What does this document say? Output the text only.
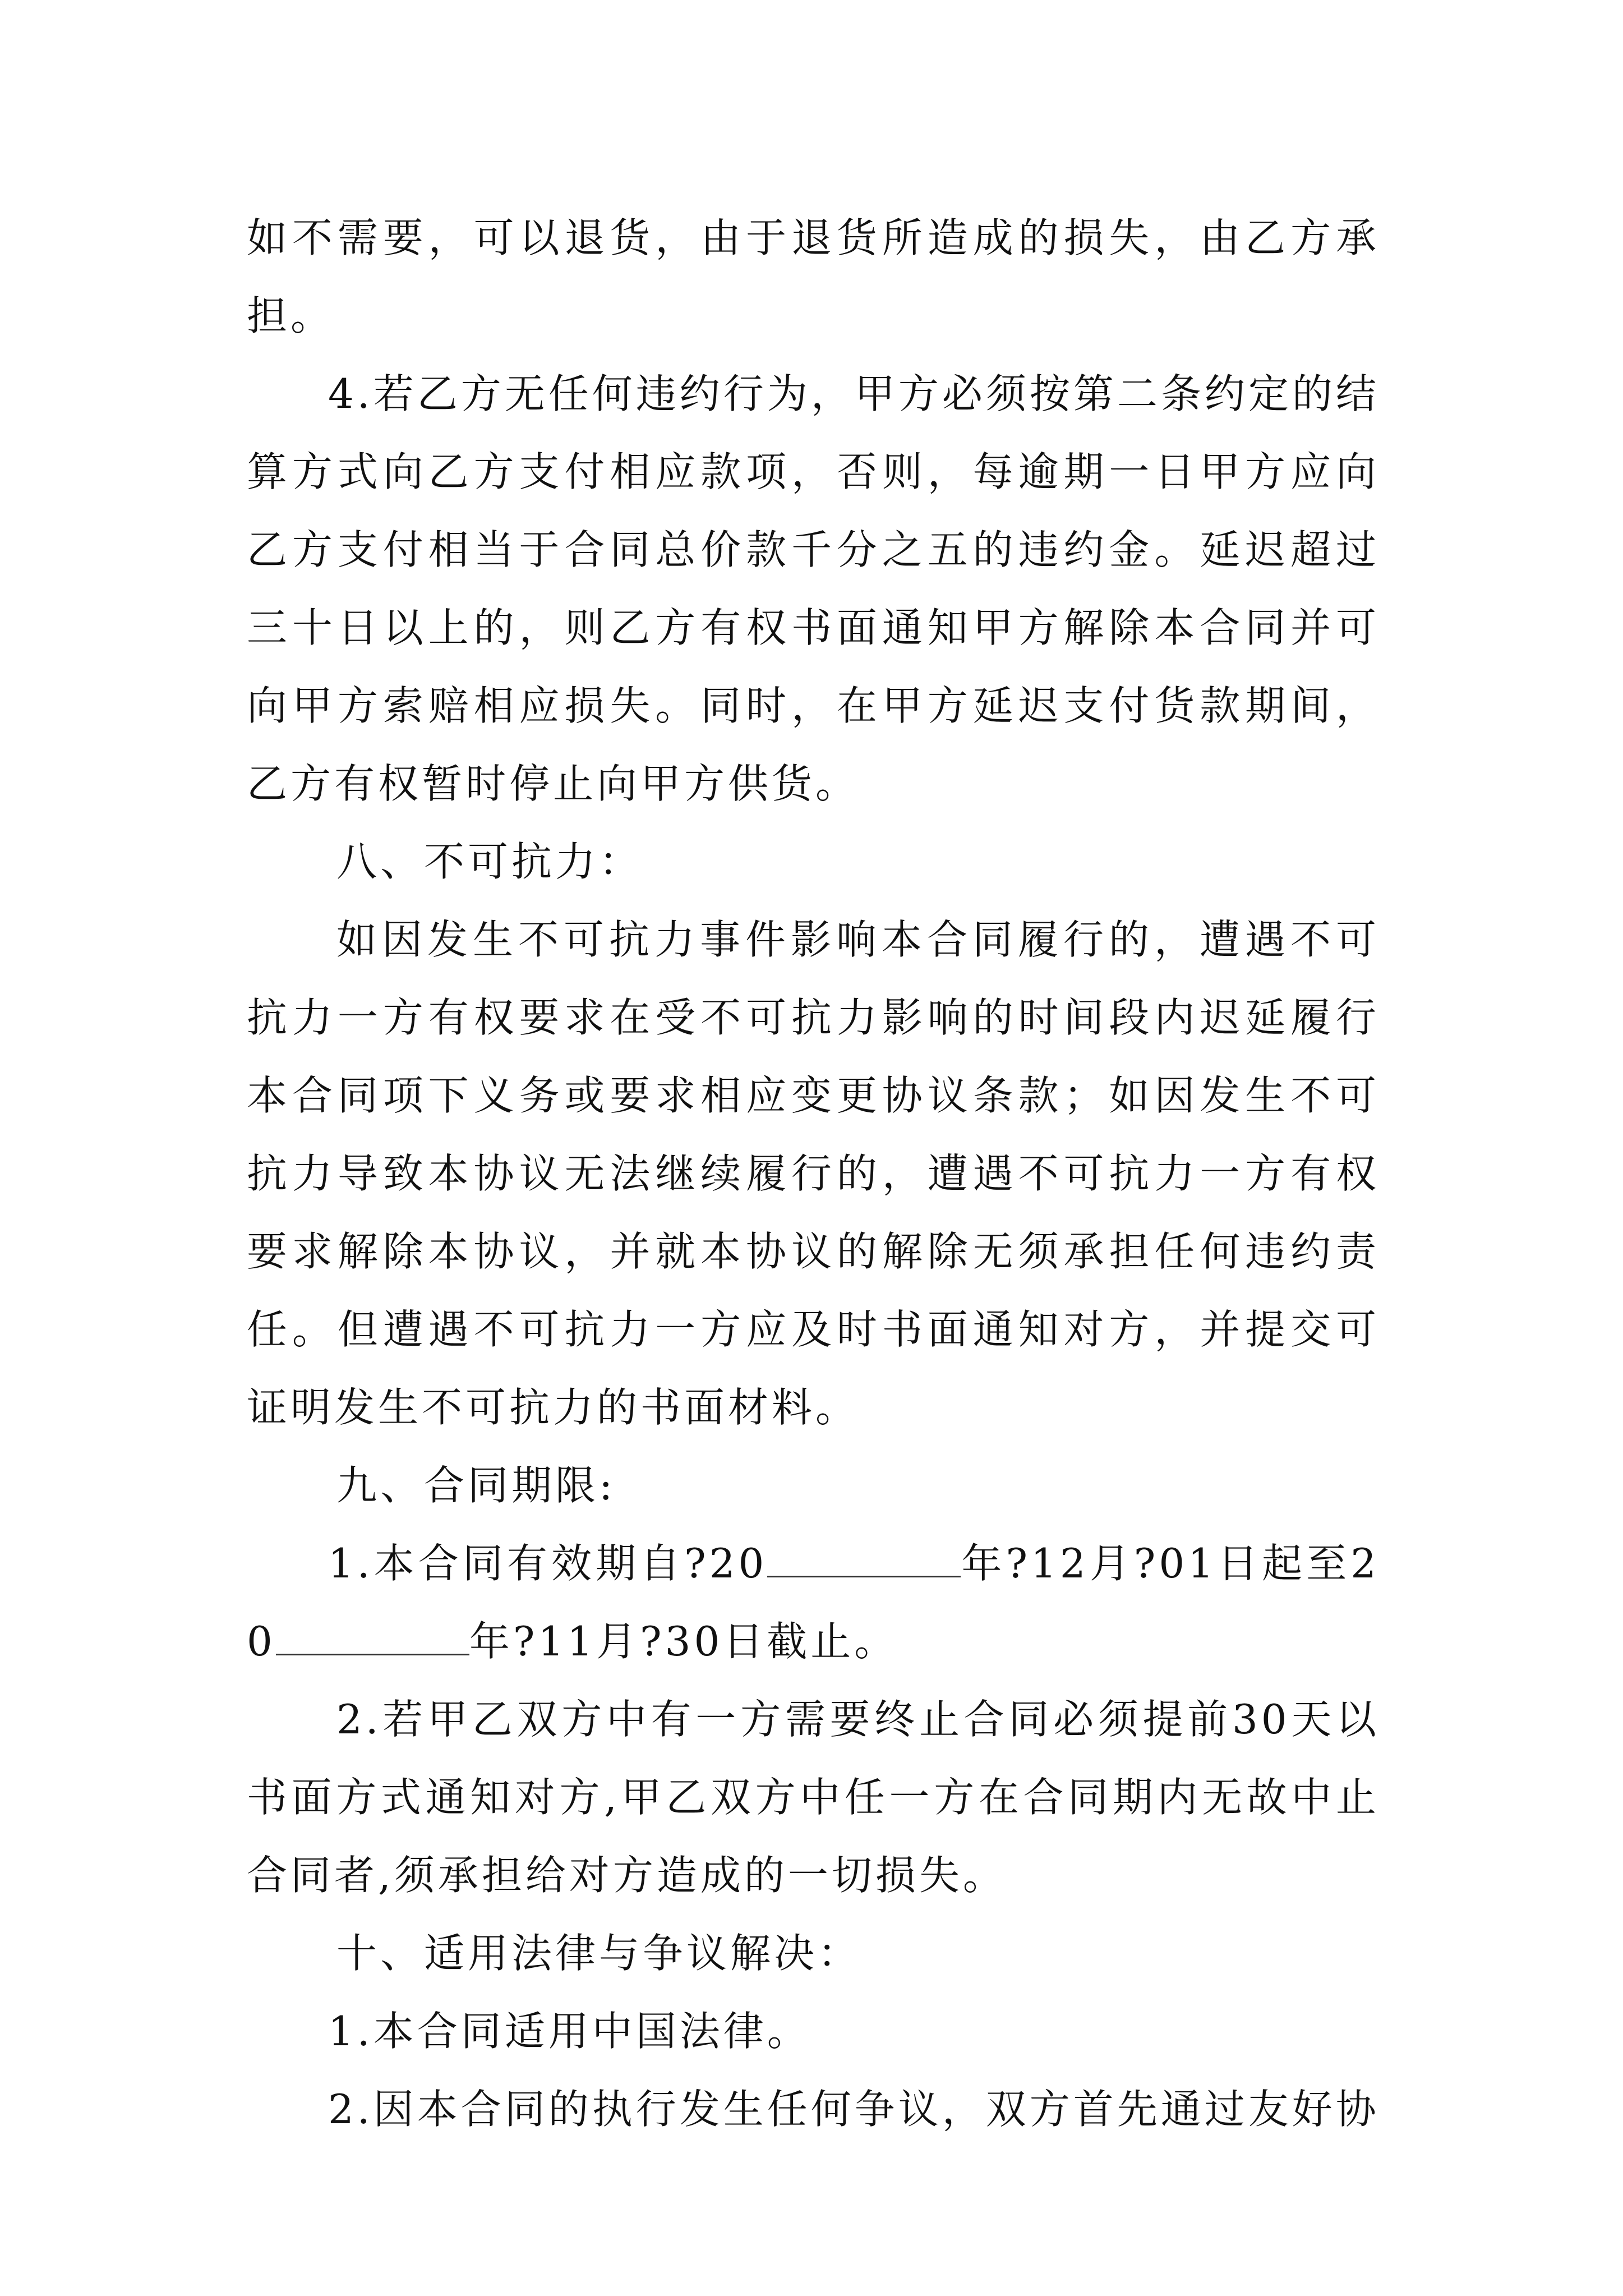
如不需要，可以退货，由于退货所造成的损失，由乙方承担。

4.若乙方无任何违约行为，甲方必须按第二条约定的结算方式向乙方支付相应款项，否则，每逾期一日甲方应向乙方支付相当于合同总价款千分之五的违约金。延迟超过三十日以上的，则乙方有权书面通知甲方解除本合同并可向甲方索赔相应损失。同时，在甲方延迟支付货款期间，乙方有权暂时停止向甲方供货。

八、不可抗力：

如因发生不可抗力事件影响本合同履行的，遭遇不可抗力一方有权要求在受不可抗力影响的时间段内迟延履行本合同项下义务或要求相应变更协议条款；如因发生不可抗力导致本协议无法继续履行的，遭遇不可抗力一方有权要求解除本协议，并就本协议的解除无须承担任何违约责任。但遭遇不可抗力一方应及时书面通知对方，并提交可证明发生不可抗力的书面材料。

九、合同期限:

1.本合同有效期自?20	年?12月?01日起至20	年?11月?30日截止。

2.若甲乙双方中有一方需要终止合同必须提前30天以书面方式通知对方,甲乙双方中任一方在合同期内无故中止合同者,须承担给对方造成的一切损失。

十、适用法律与争议解决：

1.本合同适用中国法律。

2.因本合同的执行发生任何争议，双方首先通过友好协
